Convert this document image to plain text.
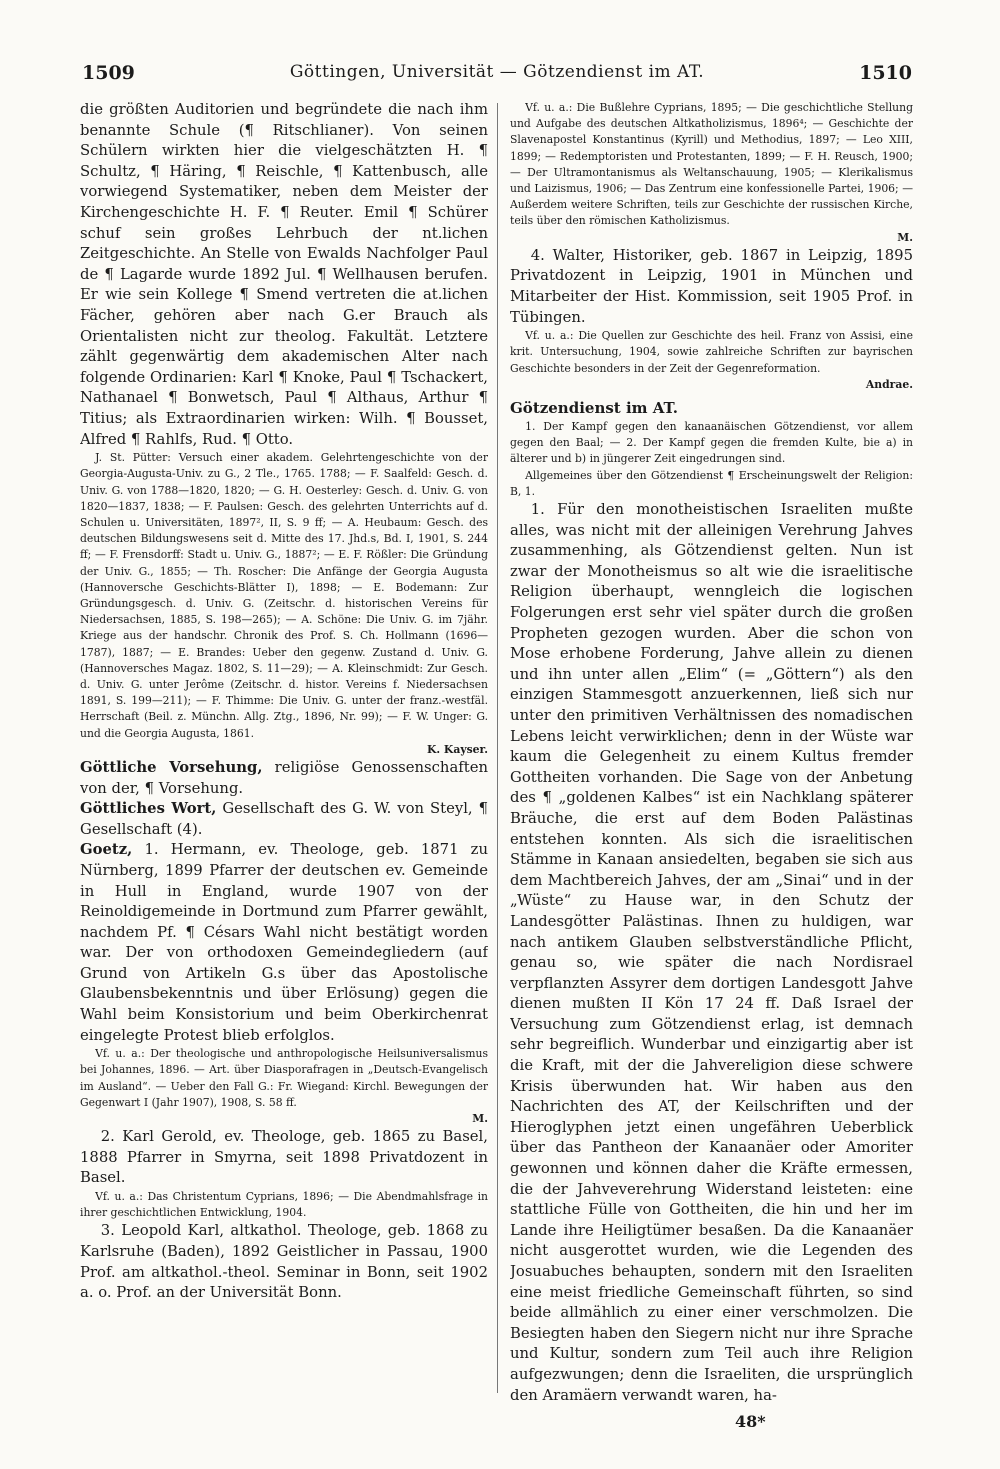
1509	Göttingen, Universität — Götzendienst im AT.	1510

die größten Auditorien und begründete die nach ihm benannte Schule (¶ Ritschlianer). Von seinen Schülern wirkten hier die vielgeschätzten H. ¶ Schultz, ¶ Häring, ¶ Reischle, ¶ Kattenbusch, alle vorwiegend Systematiker, neben dem Meister der Kirchengeschichte H. F. ¶ Reuter. Emil ¶ Schürer schuf sein großes Lehrbuch der nt.lichen Zeitgeschichte. An Stelle von Ewalds Nachfolger Paul de ¶ Lagarde wurde 1892 Jul. ¶ Wellhausen berufen. Er wie sein Kollege ¶ Smend vertreten die at.lichen Fächer, gehören aber nach G.er Brauch als Orientalisten nicht zur theolog. Fakultät. Letztere zählt gegenwärtig dem akademischen Alter nach folgende Ordinarien: Karl ¶ Knoke, Paul ¶ Tschackert, Nathanael ¶ Bonwetsch, Paul ¶ Althaus, Arthur ¶ Titius; als Extraordinarien wirken: Wilh. ¶ Bousset, Alfred ¶ Rahlfs, Rud. ¶ Otto.

J. St. Pütter: Versuch einer akadem. Gelehrtengeschichte von der Georgia-Augusta-Univ. zu G., 2 Tle., 1765. 1788; — F. Saalfeld: Gesch. d. Univ. G. von 1788—1820, 1820; — G. H. Oesterley: Gesch. d. Univ. G. von 1820—1837, 1838; — F. Paulsen: Gesch. des gelehrten Unterrichts auf d. Schulen u. Universitäten, 1897², II, S. 9 ff; — A. Heubaum: Gesch. des deutschen Bildungswesens seit d. Mitte des 17. Jhd.s, Bd. I, 1901, S. 244 ff; — F. Frensdorff: Stadt u. Univ. G., 1887²; — E. F. Rößler: Die Gründung der Univ. G., 1855; — Th. Roscher: Die Anfänge der Georgia Augusta (Hannoversche Geschichts-Blätter I), 1898; — E. Bodemann: Zur Gründungsgesch. d. Univ. G. (Zeitschr. d. historischen Vereins für Niedersachsen, 1885, S. 198—265); — A. Schöne: Die Univ. G. im 7jähr. Kriege aus der handschr. Chronik des Prof. S. Ch. Hollmann (1696—1787), 1887; — E. Brandes: Ueber den gegenw. Zustand d. Univ. G. (Hannoversches Magaz. 1802, S. 11—29); — A. Kleinschmidt: Zur Gesch. d. Univ. G. unter Jerôme (Zeitschr. d. histor. Vereins f. Niedersachsen 1891, S. 199—211); — F. Thimme: Die Univ. G. unter der franz.-westfäl. Herrschaft (Beil. z. Münchn. Allg. Ztg., 1896, Nr. 99); — F. W. Unger: G. und die Georgia Augusta, 1861.

K. Kayser.

Göttliche Vorsehung, religiöse Genossenschaften von der, ¶ Vorsehung.

Göttliches Wort, Gesellschaft des G. W. von Steyl, ¶ Gesellschaft (4).

Goetz, 1. Hermann, ev. Theologe, geb. 1871 zu Nürnberg, 1899 Pfarrer der deutschen ev. Gemeinde in Hull in England, wurde 1907 von der Reinoldigemeinde in Dortmund zum Pfarrer gewählt, nachdem Pf. ¶ Césars Wahl nicht bestätigt worden war. Der von orthodoxen Gemeindegliedern (auf Grund von Artikeln G.s über das Apostolische Glaubensbekenntnis und über Erlösung) gegen die Wahl beim Konsistorium und beim Oberkirchenrat eingelegte Protest blieb erfolglos.

Vf. u. a.: Der theologische und anthropologische Heilsuniversalismus bei Johannes, 1896. — Art. über Diasporafragen in „Deutsch-Evangelisch im Ausland“. — Ueber den Fall G.: Fr. Wiegand: Kirchl. Bewegungen der Gegenwart I (Jahr 1907), 1908, S. 58 ff.

M.

2. Karl Gerold, ev. Theologe, geb. 1865 zu Basel, 1888 Pfarrer in Smyrna, seit 1898 Privatdozent in Basel.

Vf. u. a.: Das Christentum Cyprians, 1896; — Die Abendmahlsfrage in ihrer geschichtlichen Entwicklung, 1904.

3. Leopold Karl, altkathol. Theologe, geb. 1868 zu Karlsruhe (Baden), 1892 Geistlicher in Passau, 1900 Prof. am altkathol.-theol. Seminar in Bonn, seit 1902 a. o. Prof. an der Universität Bonn.

Vf. u. a.: Die Bußlehre Cyprians, 1895; — Die geschichtliche Stellung und Aufgabe des deutschen Altkatholizismus, 1896⁴; — Geschichte der Slavenapostel Konstantinus (Kyrill) und Methodius, 1897; — Leo XIII, 1899; — Redemptoristen und Protestanten, 1899; — F. H. Reusch, 1900; — Der Ultramontanismus als Weltanschauung, 1905; — Klerikalismus und Laizismus, 1906; — Das Zentrum eine konfessionelle Partei, 1906; — Außerdem weitere Schriften, teils zur Geschichte der russischen Kirche, teils über den römischen Katholizismus.

M.

4. Walter, Historiker, geb. 1867 in Leipzig, 1895 Privatdozent in Leipzig, 1901 in München und Mitarbeiter der Hist. Kommission, seit 1905 Prof. in Tübingen.

Vf. u. a.: Die Quellen zur Geschichte des heil. Franz von Assisi, eine krit. Untersuchung, 1904, sowie zahlreiche Schriften zur bayrischen Geschichte besonders in der Zeit der Gegenreformation.

Andrae.
Götzendienst im AT.

1. Der Kampf gegen den kanaanäischen Götzendienst, vor allem gegen den Baal; — 2. Der Kampf gegen die fremden Kulte, bie a) in älterer und b) in jüngerer Zeit eingedrungen sind.

Allgemeines über den Götzendienst ¶ Erscheinungswelt der Religion: B, 1.

1. Für den monotheistischen Israeliten mußte alles, was nicht mit der alleinigen Verehrung Jahves zusammenhing, als Götzendienst gelten. Nun ist zwar der Monotheismus so alt wie die israelitische Religion überhaupt, wenngleich die logischen Folgerungen erst sehr viel später durch die großen Propheten gezogen wurden. Aber die schon von Mose erhobene Forderung, Jahve allein zu dienen und ihn unter allen „Elim“ (= „Göttern“) als den einzigen Stammesgott anzuerkennen, ließ sich nur unter den primitiven Verhältnissen des nomadischen Lebens leicht verwirklichen; denn in der Wüste war kaum die Gelegenheit zu einem Kultus fremder Gottheiten vorhanden. Die Sage von der Anbetung des ¶ „goldenen Kalbes“ ist ein Nachklang späterer Bräuche, die erst auf dem Boden Palästinas entstehen konnten. Als sich die israelitischen Stämme in Kanaan ansiedelten, begaben sie sich aus dem Machtbereich Jahves, der am „Sinai“ und in der „Wüste“ zu Hause war, in den Schutz der Landesgötter Palästinas. Ihnen zu huldigen, war nach antikem Glauben selbstverständliche Pflicht, genau so, wie später die nach Nordisrael verpflanzten Assyrer dem dortigen Landesgott Jahve dienen mußten II Kön 17 24 ff. Daß Israel der Versuchung zum Götzendienst erlag, ist demnach sehr begreiflich. Wunderbar und einzigartig aber ist die Kraft, mit der die Jahvereligion diese schwere Krisis überwunden hat. Wir haben aus den Nachrichten des AT, der Keilschriften und der Hieroglyphen jetzt einen ungefähren Ueberblick über das Pantheon der Kanaanäer oder Amoriter gewonnen und können daher die Kräfte ermessen, die der Jahveverehrung Widerstand leisteten: eine stattliche Fülle von Gottheiten, die hin und her im Lande ihre Heiligtümer besaßen. Da die Kanaanäer nicht ausgerottet wurden, wie die Legenden des Josuabuches behaupten, sondern mit den Israeliten eine meist friedliche Gemeinschaft führten, so sind beide allmählich zu einer einer verschmolzen. Die Besiegten haben den Siegern nicht nur ihre Sprache und Kultur, sondern zum Teil auch ihre Religion aufgezwungen; denn die Israeliten, die ursprünglich den Aramäern verwandt waren, ha-

48*
